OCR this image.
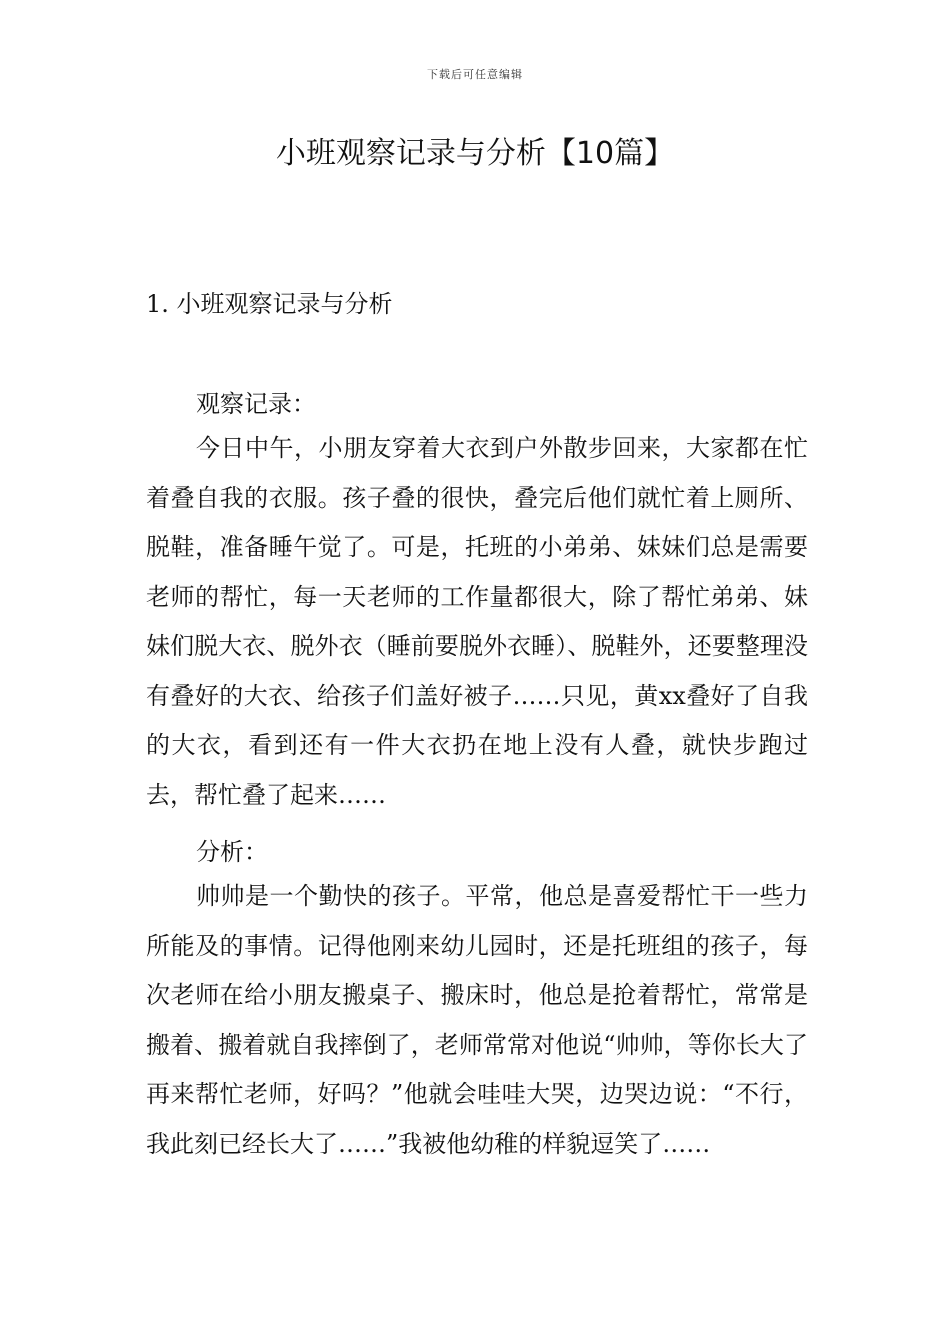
下载后可任意编辑
小班观察记录与分析【10篇】
1. 小班观察记录与分析

观察记录：

今日中午，小朋友穿着大衣到户外散步回来，大家都在忙着叠自我的衣服。孩子叠的很快，叠完后他们就忙着上厕所、脱鞋，准备睡午觉了。可是，托班的小弟弟、妹妹们总是需要老师的帮忙，每一天老师的工作量都很大，除了帮忙弟弟、妹妹们脱大衣、脱外衣（睡前要脱外衣睡）、脱鞋外，还要整理没有叠好的大衣、给孩子们盖好被子……只见，黄xx叠好了自我的大衣，看到还有一件大衣扔在地上没有人叠，就快步跑过去，帮忙叠了起来……

分析：

帅帅是一个勤快的孩子。平常，他总是喜爱帮忙干一些力所能及的事情。记得他刚来幼儿园时，还是托班组的孩子，每次老师在给小朋友搬桌子、搬床时，他总是抢着帮忙，常常是搬着、搬着就自我摔倒了，老师常常对他说“帅帅，等你长大了再来帮忙老师，好吗？”他就会哇哇大哭，边哭边说：“不行，我此刻已经长大了……”我被他幼稚的样貌逗笑了……
